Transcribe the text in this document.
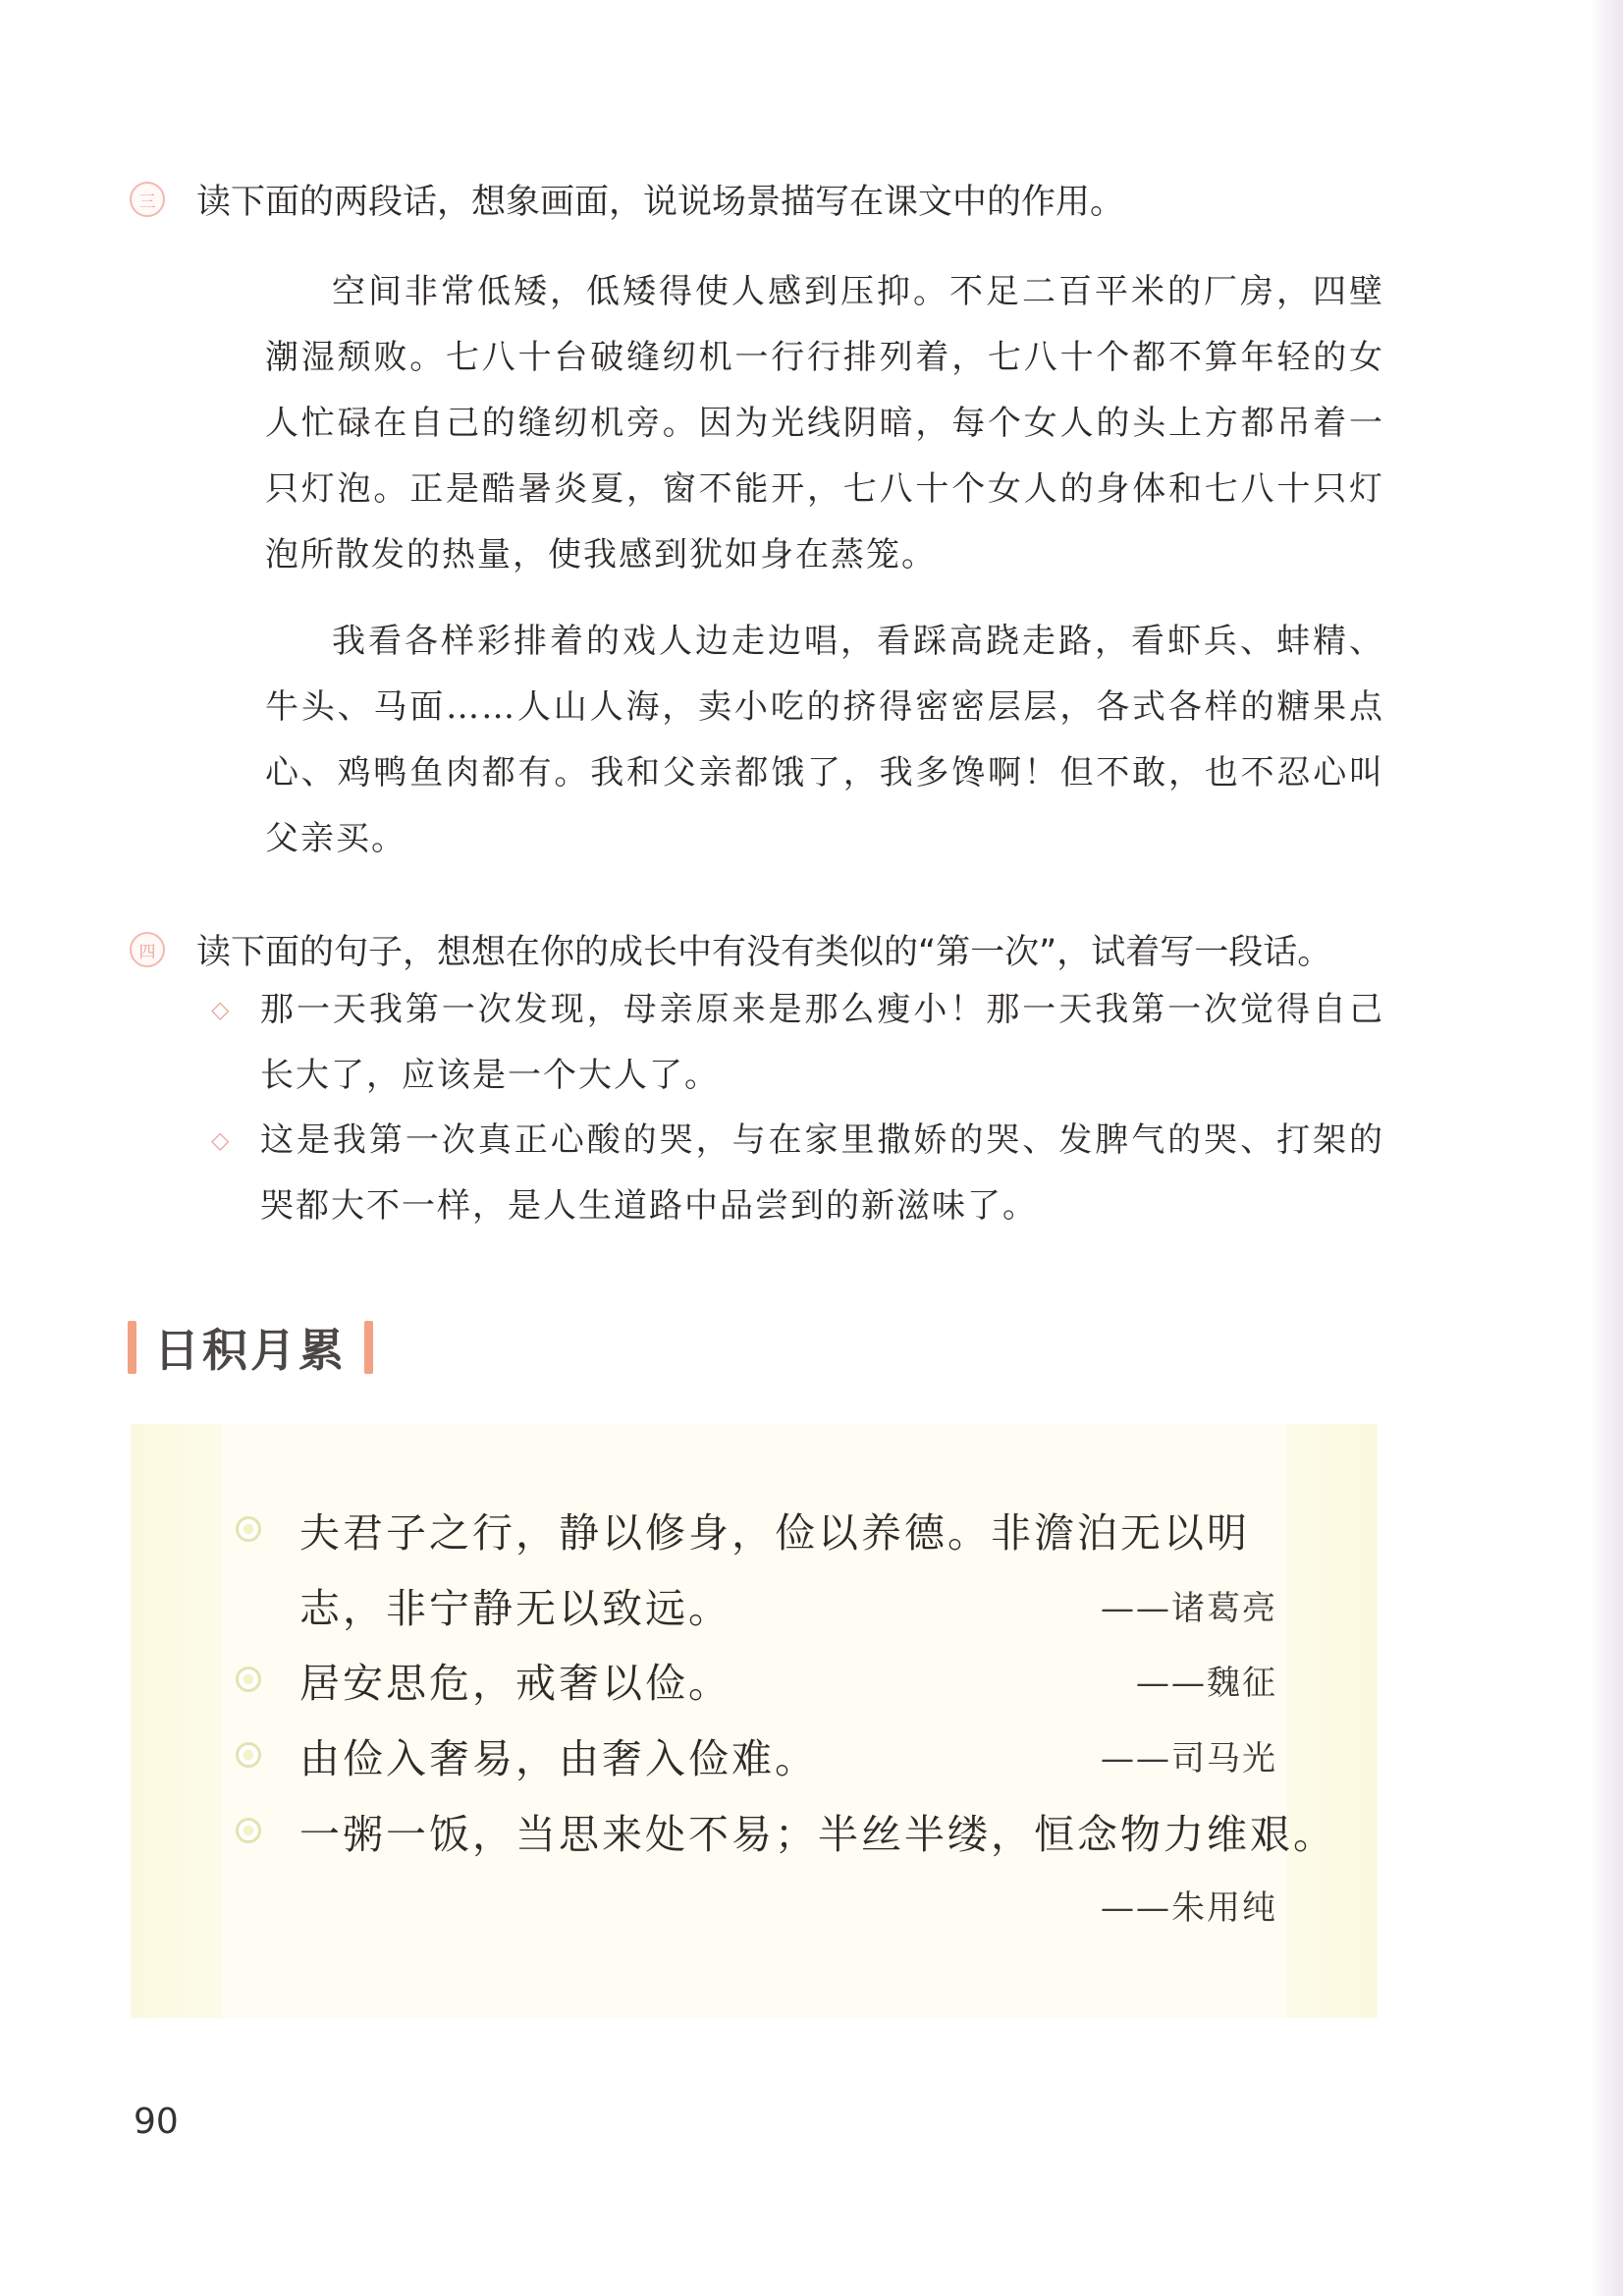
三 读下面的两段话，想象画面，说说场景描写在课文中的作用。

空间非常低矮，低矮得使人感到压抑。不足二百平米的厂房，四壁潮湿颓败。七八十台破缝纫机一行行排列着，七八十个都不算年轻的女人忙碌在自己的缝纫机旁。因为光线阴暗，每个女人的头上方都吊着一只灯泡。正是酷暑炎夏，窗不能开，七八十个女人的身体和七八十只灯泡所散发的热量，使我感到犹如身在蒸笼。

我看各样彩排着的戏人边走边唱，看踩高跷走路，看虾兵、蚌精、牛头、马面……人山人海，卖小吃的挤得密密层层，各式各样的糖果点心、鸡鸭鱼肉都有。我和父亲都饿了，我多馋啊！但不敢，也不忍心叫父亲买。

四 读下面的句子，想想在你的成长中有没有类似的“第一次”，试着写一段话。
◇ 那一天我第一次发现，母亲原来是那么瘦小！那一天我第一次觉得自己长大了，应该是一个大人了。
◇ 这是我第一次真正心酸的哭，与在家里撒娇的哭、发脾气的哭、打架的哭都大不一样，是人生道路中品尝到的新滋味了。
日积月累
夫君子之行，静以修身，俭以养德。非澹泊无以明
志，非宁静无以致远。	——诸葛亮
居安思危，戒奢以俭。	——魏征
由俭入奢易，由奢入俭难。	——司马光
一粥一饭，当思来处不易；半丝半缕，恒念物力维艰。
——朱用纯
90
